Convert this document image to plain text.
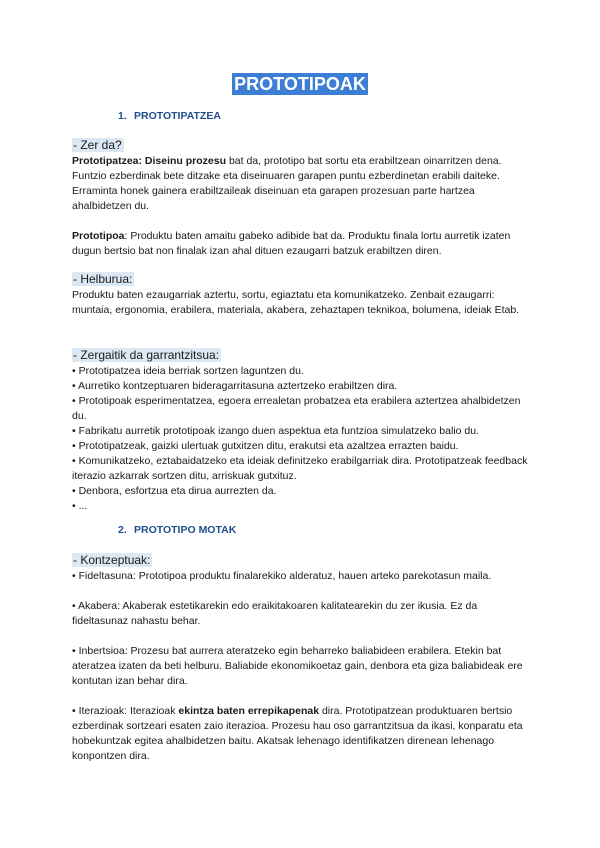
PROTOTIPOAK
1. PROTOTIPATZEA
- Zer da?

Prototipatzea: Diseinu prozesu bat da, prototipo bat sortu eta erabiltzean oinarritzen dena. Funtzio ezberdinak bete ditzake eta diseinuaren garapen puntu ezberdinetan erabili daiteke. Erraminta honek gainera erabiltzaileak diseinuan eta garapen prozesuan parte hartzea ahalbidetzen du.

Prototipoa: Produktu baten amaitu gabeko adibide bat da. Produktu finala lortu aurretik izaten dugun bertsio bat non finalak izan ahal dituen ezaugarri batzuk erabiltzen diren.

- Helburua:

Produktu baten ezaugarriak aztertu, sortu, egiaztatu eta komunikatzeko. Zenbait ezaugarri: muntaia, ergonomia, erabilera, materiala, akabera, zehaztapen teknikoa, bolumena, ideiak Etab.

- Zergaitik da garrantzitsua:

• Prototipatzea ideia berriak sortzen laguntzen du.

• Aurretiko kontzeptuaren bideragarritasuna aztertzeko erabiltzen dira.

• Prototipoak esperimentatzea, egoera errealetan probatzea eta erabilera aztertzea ahalbidetzen du.

• Fabrikatu aurretik prototipoak izango duen aspektua eta funtzioa simulatzeko balio du.

• Prototipatzeak, gaizki ulertuak gutxitzen ditu, erakutsi eta azaltzea errazten baidu.

• Komunikatzeko, eztabaidatzeko eta ideiak definitzeko erabilgarriak dira. Prototipatzeak feedback iterazio azkarrak sortzen ditu, arriskuak gutxituz.

• Denbora, esfortzua eta dirua aurrezten da.

• ...

2. PROTOTIPO MOTAK
- Kontzeptuak:

• Fideltasuna: Prototipoa produktu finalarekiko alderatuz, hauen arteko parekotasun maila.

• Akabera: Akaberak estetikarekin edo eraikitakoaren kalitatearekin du zer ikusia. Ez da fideltasunaz nahastu behar.

• Inbertsioa: Prozesu bat aurrera ateratzeko egin beharreko baliabideen erabilera. Etekin bat ateratzea izaten da beti helburu. Baliabide ekonomikoetaz gain, denbora eta giza baliabideak ere kontutan izan behar dira.

• Iterazioak: Iterazioak ekintza baten errepikapenak dira. Prototipatzean produktuaren bertsio ezberdinak sortzeari esaten zaio iterazioa. Prozesu hau oso garrantzitsua da ikasi, konparatu eta hobekuntzak egitea ahalbidetzen baitu. Akatsak lehenago identifikatzen direnean lehenago konpontzen dira.
